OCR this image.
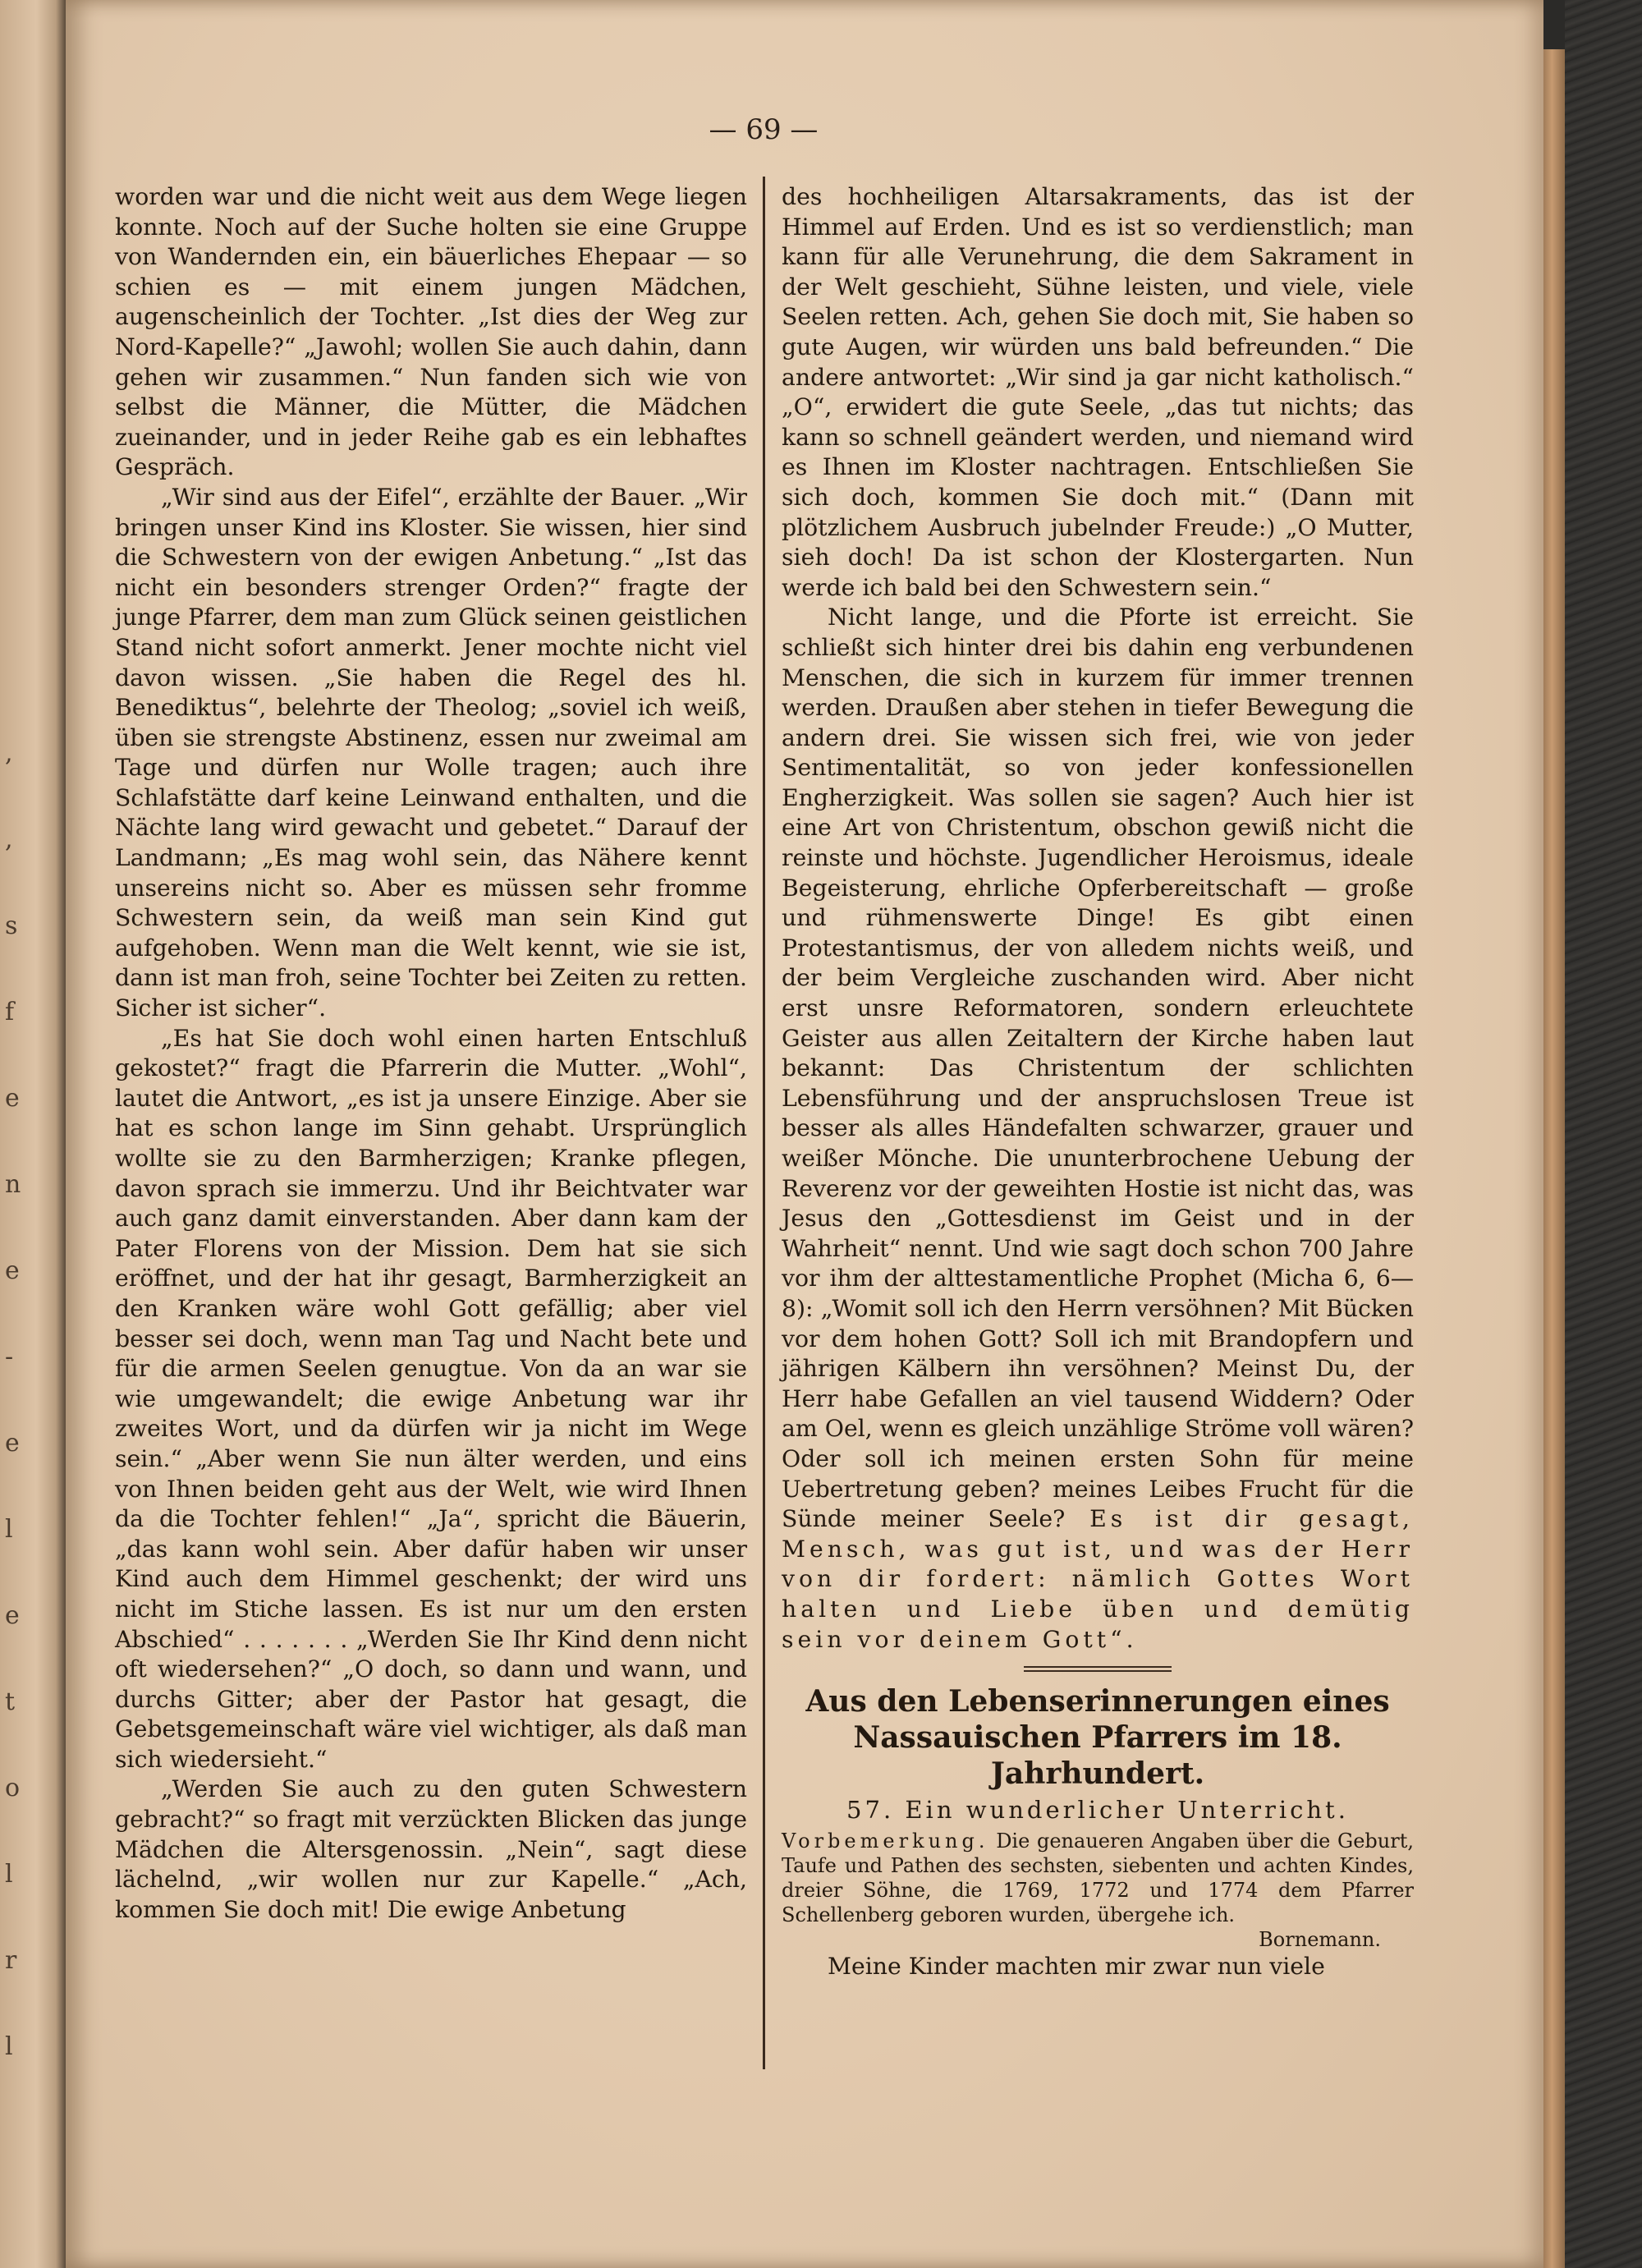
,
,
s
f
e
n
e
-
e
l
e
t
o
l
r
l
— 69 —

worden war und die nicht weit aus dem Wege liegen konnte. Noch auf der Suche holten sie eine Gruppe von Wandernden ein, ein bäuerliches Ehepaar — so schien es — mit einem jungen Mädchen, augenscheinlich der Tochter. „Ist dies der Weg zur Nord-Kapelle?“ „Jawohl; wollen Sie auch dahin, dann gehen wir zusammen.“ Nun fanden sich wie von selbst die Männer, die Mütter, die Mädchen zueinander, und in jeder Reihe gab es ein lebhaftes Gespräch.

„Wir sind aus der Eifel“, erzählte der Bauer. „Wir bringen unser Kind ins Kloster. Sie wissen, hier sind die Schwestern von der ewigen Anbetung.“ „Ist das nicht ein besonders strenger Orden?“ fragte der junge Pfarrer, dem man zum Glück seinen geistlichen Stand nicht sofort anmerkt. Jener mochte nicht viel davon wissen. „Sie haben die Regel des hl. Benediktus“, belehrte der Theolog; „soviel ich weiß, üben sie strengste Abstinenz, essen nur zweimal am Tage und dürfen nur Wolle tragen; auch ihre Schlafstätte darf keine Leinwand enthalten, und die Nächte lang wird gewacht und gebetet.“ Darauf der Landmann; „Es mag wohl sein, das Nähere kennt unsereins nicht so. Aber es müssen sehr fromme Schwestern sein, da weiß man sein Kind gut aufgehoben. Wenn man die Welt kennt, wie sie ist, dann ist man froh, seine Tochter bei Zeiten zu retten. Sicher ist sicher“.

„Es hat Sie doch wohl einen harten Entschluß gekostet?“ fragt die Pfarrerin die Mutter. „Wohl“, lautet die Antwort, „es ist ja unsere Einzige. Aber sie hat es schon lange im Sinn gehabt. Ursprünglich wollte sie zu den Barmherzigen; Kranke pflegen, davon sprach sie immerzu. Und ihr Beichtvater war auch ganz damit einverstanden. Aber dann kam der Pater Florens von der Mission. Dem hat sie sich eröffnet, und der hat ihr gesagt, Barmherzigkeit an den Kranken wäre wohl Gott gefällig; aber viel besser sei doch, wenn man Tag und Nacht bete und für die armen Seelen genugtue. Von da an war sie wie umgewandelt; die ewige Anbetung war ihr zweites Wort, und da dürfen wir ja nicht im Wege sein.“ „Aber wenn Sie nun älter werden, und eins von Ihnen beiden geht aus der Welt, wie wird Ihnen da die Tochter fehlen!“ „Ja“, spricht die Bäuerin, „das kann wohl sein. Aber dafür haben wir unser Kind auch dem Himmel geschenkt; der wird uns nicht im Stiche lassen. Es ist nur um den ersten Abschied“ . . . . . . . „Werden Sie Ihr Kind denn nicht oft wiedersehen?“ „O doch, so dann und wann, und durchs Gitter; aber der Pastor hat gesagt, die Gebetsgemeinschaft wäre viel wichtiger, als daß man sich wiedersieht.“

„Werden Sie auch zu den guten Schwestern gebracht?“ so fragt mit verzückten Blicken das junge Mädchen die Altersgenossin. „Nein“, sagt diese lächelnd, „wir wollen nur zur Kapelle.“ „Ach, kommen Sie doch mit! Die ewige Anbetung

des hochheiligen Altarsakraments, das ist der Himmel auf Erden. Und es ist so verdienstlich; man kann für alle Verunehrung, die dem Sakrament in der Welt geschieht, Sühne leisten, und viele, viele Seelen retten. Ach, gehen Sie doch mit, Sie haben so gute Augen, wir würden uns bald befreunden.“ Die andere antwortet: „Wir sind ja gar nicht katholisch.“ „O“, erwidert die gute Seele, „das tut nichts; das kann so schnell geändert werden, und niemand wird es Ihnen im Kloster nachtragen. Entschließen Sie sich doch, kommen Sie doch mit.“ (Dann mit plötzlichem Ausbruch jubelnder Freude:) „O Mutter, sieh doch! Da ist schon der Klostergarten. Nun werde ich bald bei den Schwestern sein.“

Nicht lange, und die Pforte ist erreicht. Sie schließt sich hinter drei bis dahin eng verbundenen Menschen, die sich in kurzem für immer trennen werden. Draußen aber stehen in tiefer Bewegung die andern drei. Sie wissen sich frei, wie von jeder Sentimentalität, so von jeder konfessionellen Engherzigkeit. Was sollen sie sagen? Auch hier ist eine Art von Christentum, obschon gewiß nicht die reinste und höchste. Jugendlicher Heroismus, ideale Begeisterung, ehrliche Opferbereitschaft — große und rühmenswerte Dinge! Es gibt einen Protestantismus, der von alledem nichts weiß, und der beim Vergleiche zuschanden wird. Aber nicht erst unsre Reformatoren, sondern erleuchtete Geister aus allen Zeitaltern der Kirche haben laut bekannt: Das Christentum der schlichten Lebensführung und der anspruchslosen Treue ist besser als alles Händefalten schwarzer, grauer und weißer Mönche. Die ununterbrochene Uebung der Reverenz vor der geweihten Hostie ist nicht das, was Jesus den „Gottesdienst im Geist und in der Wahrheit“ nennt. Und wie sagt doch schon 700 Jahre vor ihm der alttestamentliche Prophet (Micha 6, 6—8): „Womit soll ich den Herrn versöhnen? Mit Bücken vor dem hohen Gott? Soll ich mit Brandopfern und jährigen Kälbern ihn versöhnen? Meinst Du, der Herr habe Gefallen an viel tausend Widdern? Oder am Oel, wenn es gleich unzählige Ströme voll wären? Oder soll ich meinen ersten Sohn für meine Uebertretung geben? meines Leibes Frucht für die Sünde meiner Seele? Es ist dir gesagt, Mensch, was gut ist, und was der Herr von dir fordert: nämlich Gottes Wort halten und Liebe üben und demütig sein vor deinem Gott“.

Aus den Lebenserinnerungen eines
Nassauischen Pfarrers im 18. Jahrhundert.
57. Ein wunderlicher Unterricht.

Vorbemerkung. Die genaueren Angaben über die Geburt, Taufe und Pathen des sechsten, siebenten und achten Kindes, dreier Söhne, die 1769, 1772 und 1774 dem Pfarrer Schellenberg geboren wurden, übergehe ich.

Bornemann.

Meine Kinder machten mir zwar nun viele
